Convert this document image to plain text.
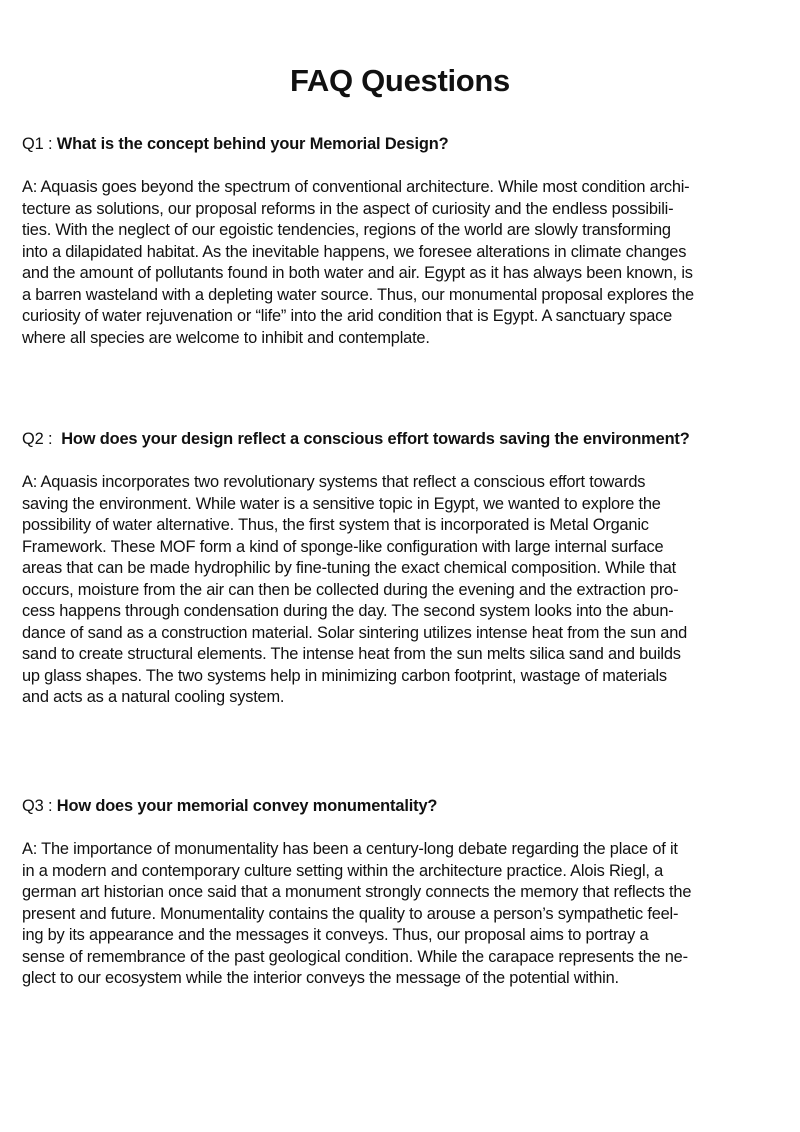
FAQ Questions
Q1 : What is the concept behind your Memorial Design?
A: Aquasis goes beyond the spectrum of conventional architecture. While most condition archi-
tecture as solutions, our proposal reforms in the aspect of curiosity and the endless possibili-
ties. With the neglect of our egoistic tendencies, regions of the world are slowly transforming
into a dilapidated habitat. As the inevitable happens, we foresee alterations in climate changes
and the amount of pollutants found in both water and air. Egypt as it has always been known, is
a barren wasteland with a depleting water source. Thus, our monumental proposal explores the
curiosity of water rejuvenation or “life” into the arid condition that is Egypt. A sanctuary space
where all species are welcome to inhibit and contemplate.
Q2 :  How does your design reflect a conscious effort towards saving the environment?
A: Aquasis incorporates two revolutionary systems that reflect a conscious effort towards
saving the environment. While water is a sensitive topic in Egypt, we wanted to explore the
possibility of water alternative. Thus, the first system that is incorporated is Metal Organic
Framework. These MOF form a kind of sponge-like configuration with large internal surface
areas that can be made hydrophilic by fine-tuning the exact chemical composition. While that
occurs, moisture from the air can then be collected during the evening and the extraction pro-
cess happens through condensation during the day. The second system looks into the abun-
dance of sand as a construction material. Solar sintering utilizes intense heat from the sun and
sand to create structural elements. The intense heat from the sun melts silica sand and builds
up glass shapes. The two systems help in minimizing carbon footprint, wastage of materials
and acts as a natural cooling system.
Q3 : How does your memorial convey monumentality?
A: The importance of monumentality has been a century-long debate regarding the place of it
in a modern and contemporary culture setting within the architecture practice. Alois Riegl, a
german art historian once said that a monument strongly connects the memory that reflects the
present and future. Monumentality contains the quality to arouse a person’s sympathetic feel-
ing by its appearance and the messages it conveys. Thus, our proposal aims to portray a
sense of remembrance of the past geological condition. While the carapace represents the ne-
glect to our ecosystem while the interior conveys the message of the potential within.
